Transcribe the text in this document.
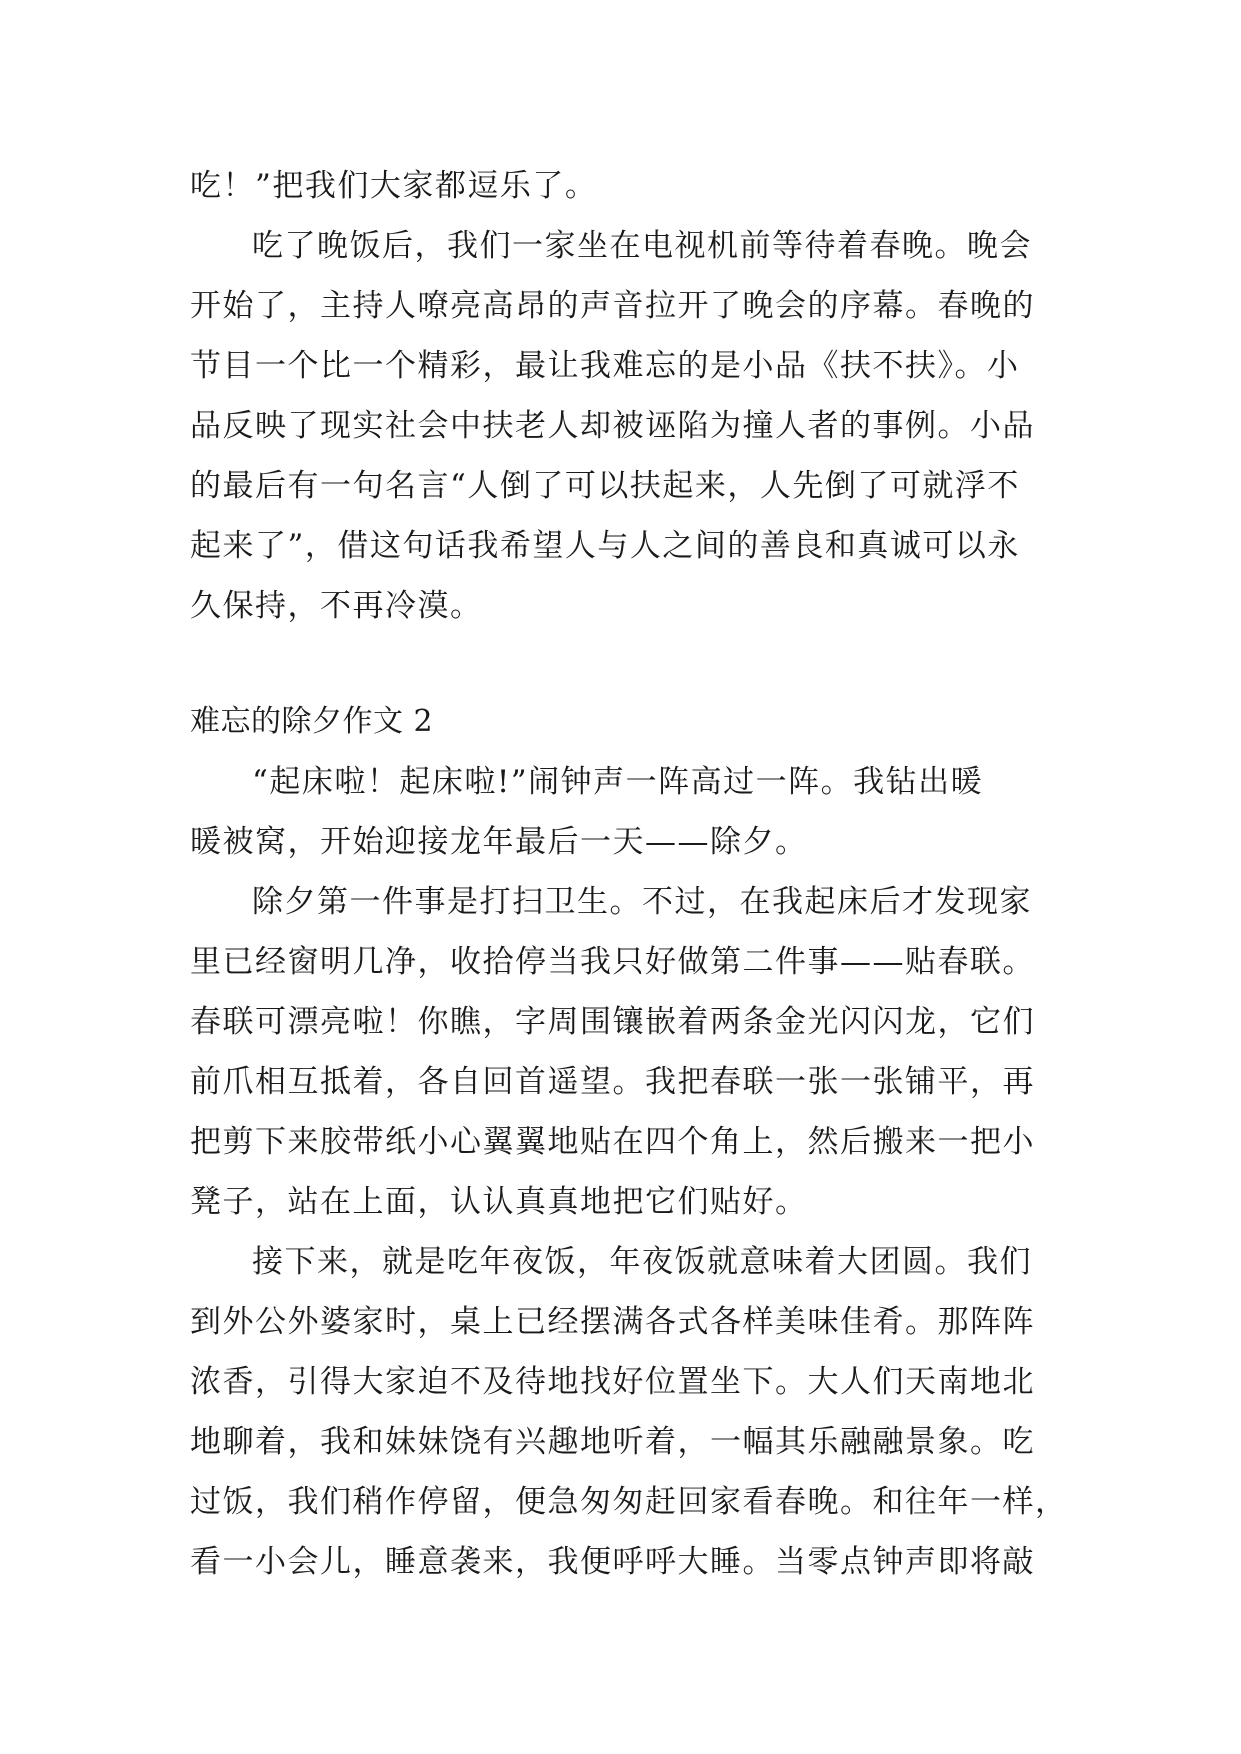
吃！”把我们大家都逗乐了。
吃了晚饭后，我们一家坐在电视机前等待着春晚。晚会
开始了，主持人嘹亮高昂的声音拉开了晚会的序幕。春晚的
节目一个比一个精彩，最让我难忘的是小品《扶不扶》。小
品反映了现实社会中扶老人却被诬陷为撞人者的事例。小品
的最后有一句名言“人倒了可以扶起来，人先倒了可就浮不
起来了”，借这句话我希望人与人之间的善良和真诚可以永
久保持，不再冷漠。
难忘的除夕作文 2
“起床啦！起床啦!”闹钟声一阵高过一阵。我钻出暖
暖被窝，开始迎接龙年最后一天——除夕。
除夕第一件事是打扫卫生。不过，在我起床后才发现家
里已经窗明几净，收拾停当我只好做第二件事——贴春联。
春联可漂亮啦！你瞧，字周围镶嵌着两条金光闪闪龙，它们
前爪相互抵着，各自回首遥望。我把春联一张一张铺平，再
把剪下来胶带纸小心翼翼地贴在四个角上，然后搬来一把小
凳子，站在上面，认认真真地把它们贴好。
接下来，就是吃年夜饭，年夜饭就意味着大团圆。我们
到外公外婆家时，桌上已经摆满各式各样美味佳肴。那阵阵
浓香，引得大家迫不及待地找好位置坐下。大人们天南地北
地聊着，我和妹妹饶有兴趣地听着，一幅其乐融融景象。吃
过饭，我们稍作停留，便急匆匆赶回家看春晚。和往年一样，
看一小会儿，睡意袭来，我便呼呼大睡。当零点钟声即将敲
